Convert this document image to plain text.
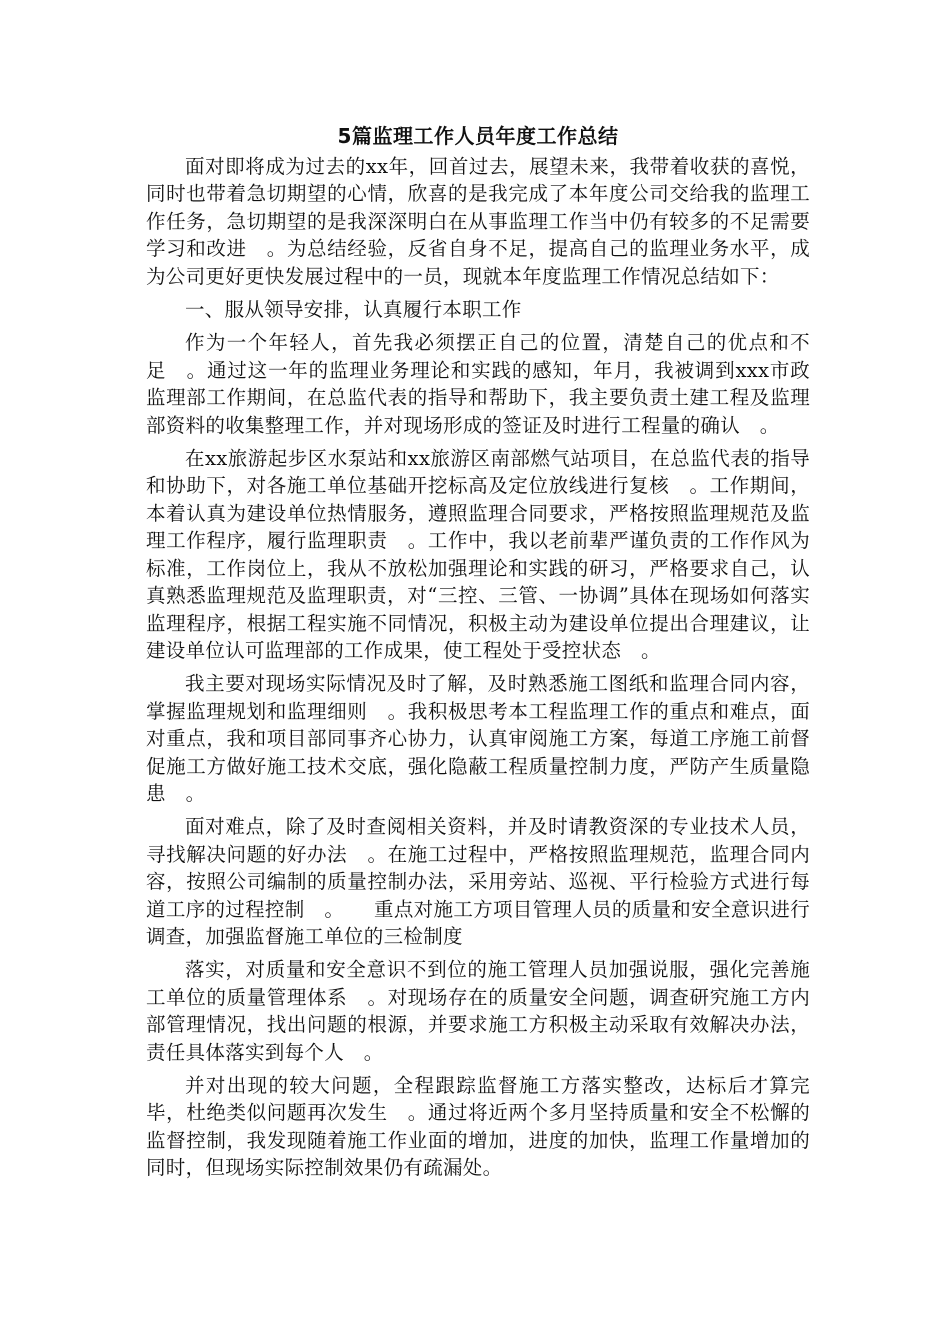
5篇监理工作人员年度工作总结

面对即将成为过去的xx年，回首过去，展望未来，我带着收获的喜悦，同时也带着急切期望的心情，欣喜的是我完成了本年度公司交给我的监理工作任务，急切期望的是我深深明白在从事监理工作当中仍有较多的不足需要学习和改进　。为总结经验，反省自身不足，提高自己的监理业务水平，成为公司更好更快发展过程中的一员，现就本年度监理工作情况总结如下：

一、服从领导安排，认真履行本职工作

作为一个年轻人，首先我必须摆正自己的位置，清楚自己的优点和不足　。通过这一年的监理业务理论和实践的感知，年月，我被调到xxx市政监理部工作期间，在总监代表的指导和帮助下，我主要负责土建工程及监理部资料的收集整理工作，并对现场形成的签证及时进行工程量的确认　。

在xx旅游起步区水泵站和xx旅游区南部燃气站项目，在总监代表的指导和协助下，对各施工单位基础开挖标高及定位放线进行复核　。工作期间，本着认真为建设单位热情服务，遵照监理合同要求，严格按照监理规范及监理工作程序，履行监理职责　。工作中，我以老前辈严谨负责的工作作风为标准，工作岗位上，我从不放松加强理论和实践的研习，严格要求自己，认真熟悉监理规范及监理职责，对“三控、三管、一协调”具体在现场如何落实监理程序，根据工程实施不同情况，积极主动为建设单位提出合理建议，让建设单位认可监理部的工作成果，使工程处于受控状态　。

我主要对现场实际情况及时了解，及时熟悉施工图纸和监理合同内容，掌握监理规划和监理细则　。我积极思考本工程监理工作的重点和难点，面对重点，我和项目部同事齐心协力，认真审阅施工方案，每道工序施工前督促施工方做好施工技术交底，强化隐蔽工程质量控制力度，严防产生质量隐患　。

面对难点，除了及时查阅相关资料，并及时请教资深的专业技术人员，寻找解决问题的好办法　。在施工过程中，严格按照监理规范，监理合同内容，按照公司编制的质量控制办法，采用旁站、巡视、平行检验方式进行每道工序的过程控制　。　　重点对施工方项目管理人员的质量和安全意识进行调查，加强监督施工单位的三检制度

落实，对质量和安全意识不到位的施工管理人员加强说服，强化完善施工单位的质量管理体系　。对现场存在的质量安全问题，调查研究施工方内部管理情况，找出问题的根源，并要求施工方积极主动采取有效解决办法，责任具体落实到每个人　。

并对出现的较大问题，全程跟踪监督施工方落实整改，达标后才算完毕，杜绝类似问题再次发生　。通过将近两个多月坚持质量和安全不松懈的监督控制，我发现随着施工作业面的增加，进度的加快，监理工作量增加的同时，但现场实际控制效果仍有疏漏处。
